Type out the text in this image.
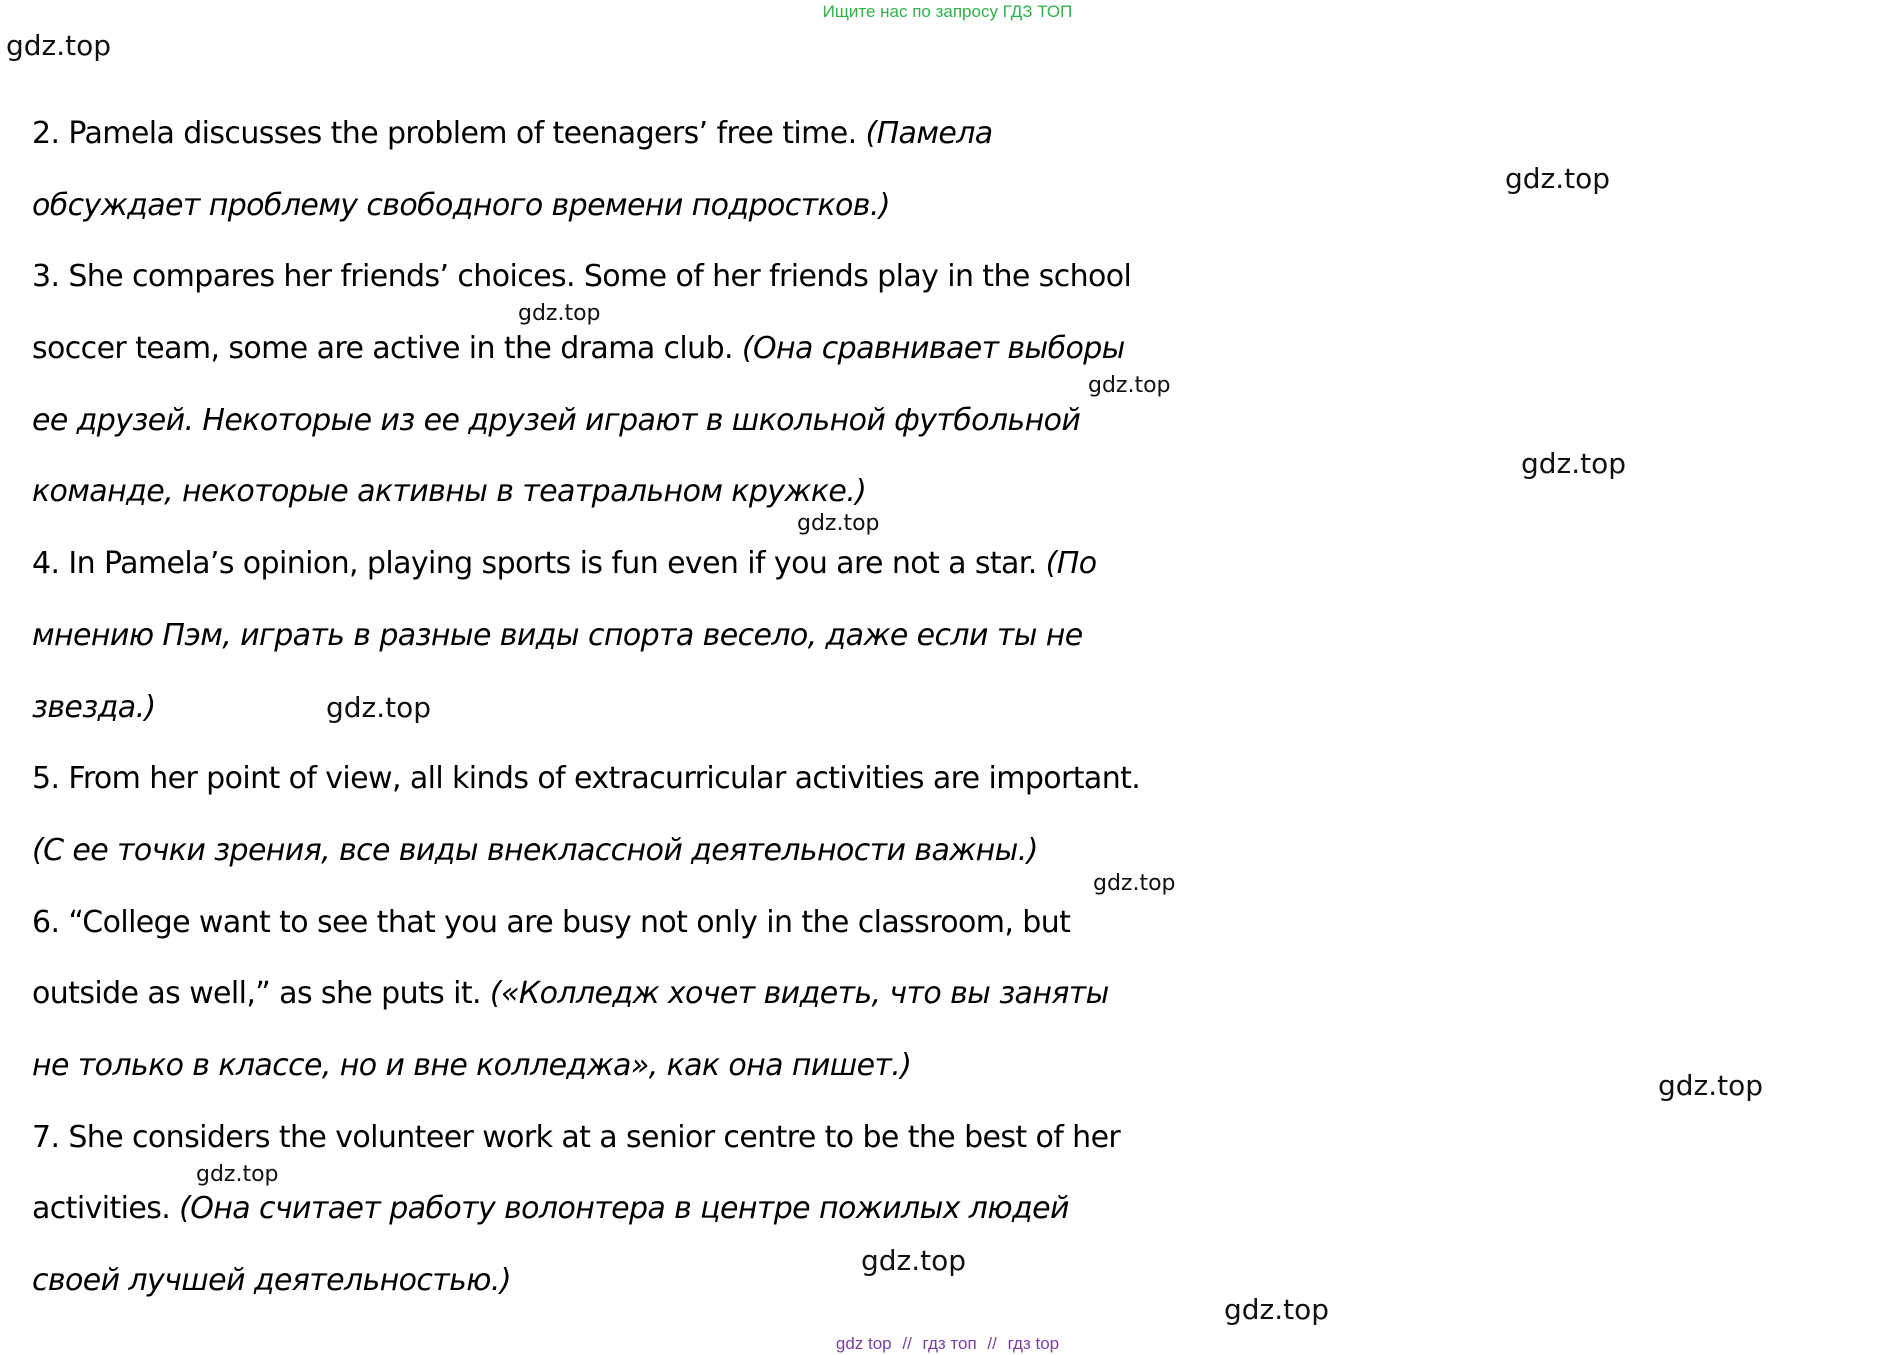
Ищите нас по запросу ГДЗ ТОП
gdz.top
gdz.top
gdz.top
gdz.top
gdz.top
gdz.top
gdz.top
gdz.top
gdz.top
gdz.top
gdz.top
gdz.top
2. Pamela discusses the problem of teenagers’ free time. (Памела
обсуждает проблему свободного времени подростков.)
3. She compares her friends’ choices. Some of her friends play in the school
soccer team, some are active in the drama club. (Она сравнивает выборы
ее друзей. Некоторые из ее друзей играют в школьной футбольной
команде, некоторые активны в театральном кружке.)
4. In Pamela’s opinion, playing sports is fun even if you are not a star. (По
мнению Пэм, играть в разные виды спорта весело, даже если ты не
звезда.)
5. From her point of view, all kinds of extracurricular activities are important.
(С ее точки зрения, все виды внеклассной деятельности важны.)
6. “College want to see that you are busy not only in the classroom, but
outside as well,” as she puts it. («Колледж хочет видеть, что вы заняты
не только в классе, но и вне колледжа», как она пишет.)
7. She considers the volunteer work at a senior centre to be the best of her
activities. (Она считает работу волонтера в центре пожилых людей
своей лучшей деятельностью.)
gdz top // гдз топ // гдз top
